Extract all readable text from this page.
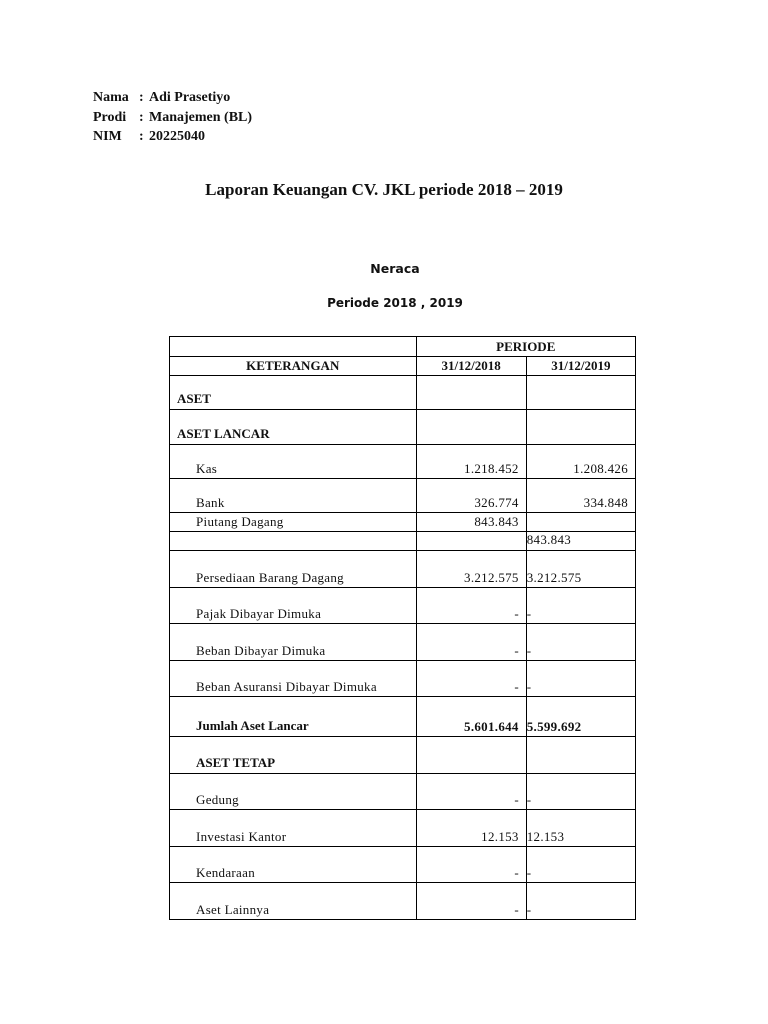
Nama : Adi Prasetiyo
Prodi : Manajemen (BL)
NIM	: 20225040
Laporan Keuangan CV. JKL periode 2018 – 2019
Neraca
Periode 2018 , 2019
	PERIODE	
KETERANGAN	31/12/2018	31/12/2019
ASET		
ASET LANCAR		
Kas	1.218.452	1.208.426
Bank	326.774	334.848
Piutang Dagang	843.843	
		843.843
Persediaan Barang Dagang	3.212.575	3.212.575
Pajak Dibayar Dimuka	-	-
Beban Dibayar Dimuka	-	-
Beban Asuransi Dibayar Dimuka	-	-
Jumlah Aset Lancar	5.601.644	5.599.692
ASET TETAP		
Gedung	-	-
Investasi Kantor	12.153	12.153
Kendaraan	-	-
Aset Lainnya	-	-
